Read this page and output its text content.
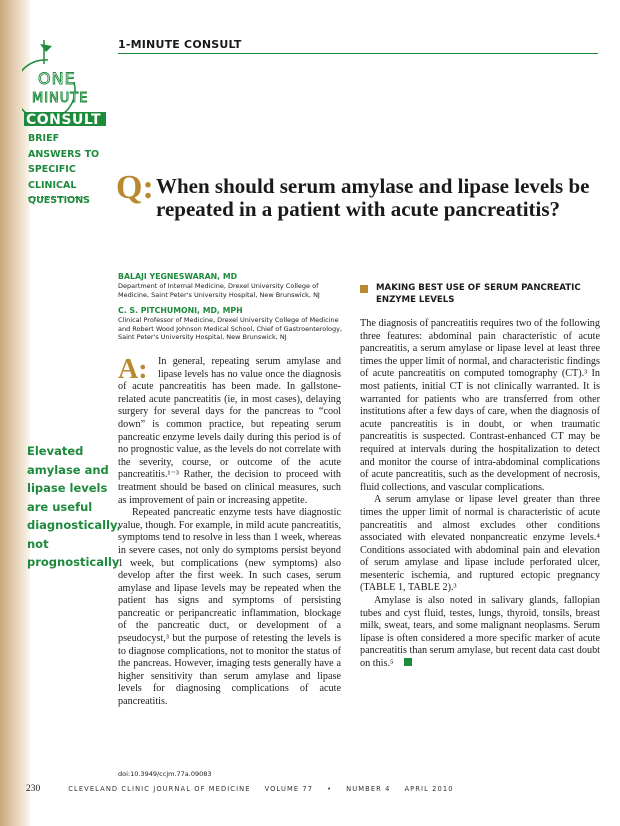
1-MINUTE CONSULT
ONE
MINUTE
CONSULT
BRIEF ANSWERS TO SPECIFIC CLINICAL QUESTIONS Q: When should serum amylase and lipase levels be repeated in a patient with acute pancreatitis?
BALAJI YEGNESWARAN, MD
Department of Internal Medicine, Drexel University College of Medicine, Saint Peter's University Hospital, New Brunswick, NJ
C. S. PITCHUMONI, MD, MPH
Clinical Professor of Medicine, Drexel University College of Medicine and Robert Wood Johnson Medical School, Chief of Gastroenterology, Saint Peter's University Hospital, New Brunswick, NJ
A:	In general, repeating serum amylase and lipase levels has no value once the diagnosis of acute pancreatitis has been made. In gallstone-related acute pancreatitis (ie, in most cases), delaying surgery for several days for the pancreas to “cool down” is common practice, but repeating serum pancreatic enzyme levels daily during this period is of no prognostic value, as the levels do not correlate with the severity, course, or outcome of the acute pancreatitis.¹⁻³ Rather, the decision to proceed with treatment should be based on clinical measures, such as improvement of pain or increasing appetite.

Repeated pancreatic enzyme tests have diagnostic value, though. For example, in mild acute pancreatitis, symptoms tend to resolve in less than 1 week, whereas in severe cases, not only do symptoms persist beyond 1 week, but complications (new symptoms) also develop after the first week. In such cases, serum amylase and lipase levels may be repeated when the patient has signs and symptoms of persisting pancreatic or peripancreatic inflammation, blockage of the pancreatic duct, or development of a pseudocyst,³ but the purpose of retesting the levels is to diagnose complications, not to monitor the status of the pancreas. However, imaging tests generally have a higher sensitivity than serum amylase and lipase levels for diagnosing complications of acute pancreatitis.

doi:10.3949/ccjm.77a.09083
Elevated amylase and lipase levels are useful diagnostically, not prognostically
MAKING BEST USE OF SERUM PANCREATIC ENZYME LEVELS

The diagnosis of pancreatitis requires two of the following three features: abdominal pain characteristic of acute pancreatitis, a serum amylase or lipase level at least three times the upper limit of normal, and characteristic findings of acute pancreatitis on computed tomography (CT).³ In most patients, initial CT is not clinically warranted. It is warranted for patients who are transferred from other institutions after a few days of care, when the diagnosis of acute pancreatitis is in doubt, or when traumatic pancreatitis is suspected. Contrast-enhanced CT may be required at intervals during the hospitalization to detect and monitor the course of intra-abdominal complications of acute pancreatitis, such as the development of necrosis, fluid collections, and vascular complications.

A serum amylase or lipase level greater than three times the upper limit of normal is characteristic of acute pancreatitis and almost excludes other conditions associated with elevated nonpancreatic enzyme levels.⁴ Conditions associated with abdominal pain and elevation of serum amylase and lipase include perforated ulcer, mesenteric ischemia, and ruptured ectopic pregnancy (TABLE 1, TABLE 2).³

Amylase is also noted in salivary glands, fallopian tubes and cyst fluid, testes, lungs, thyroid, tonsils, breast milk, sweat, tears, and some malignant neoplasms. Serum lipase is often considered a more specific marker of acute pancreatitis than serum amylase, but recent data cast doubt on this.⁵

230	CLEVELAND CLINIC JOURNAL OF MEDICINE VOLUME 77 • NUMBER 4 APRIL 2010
